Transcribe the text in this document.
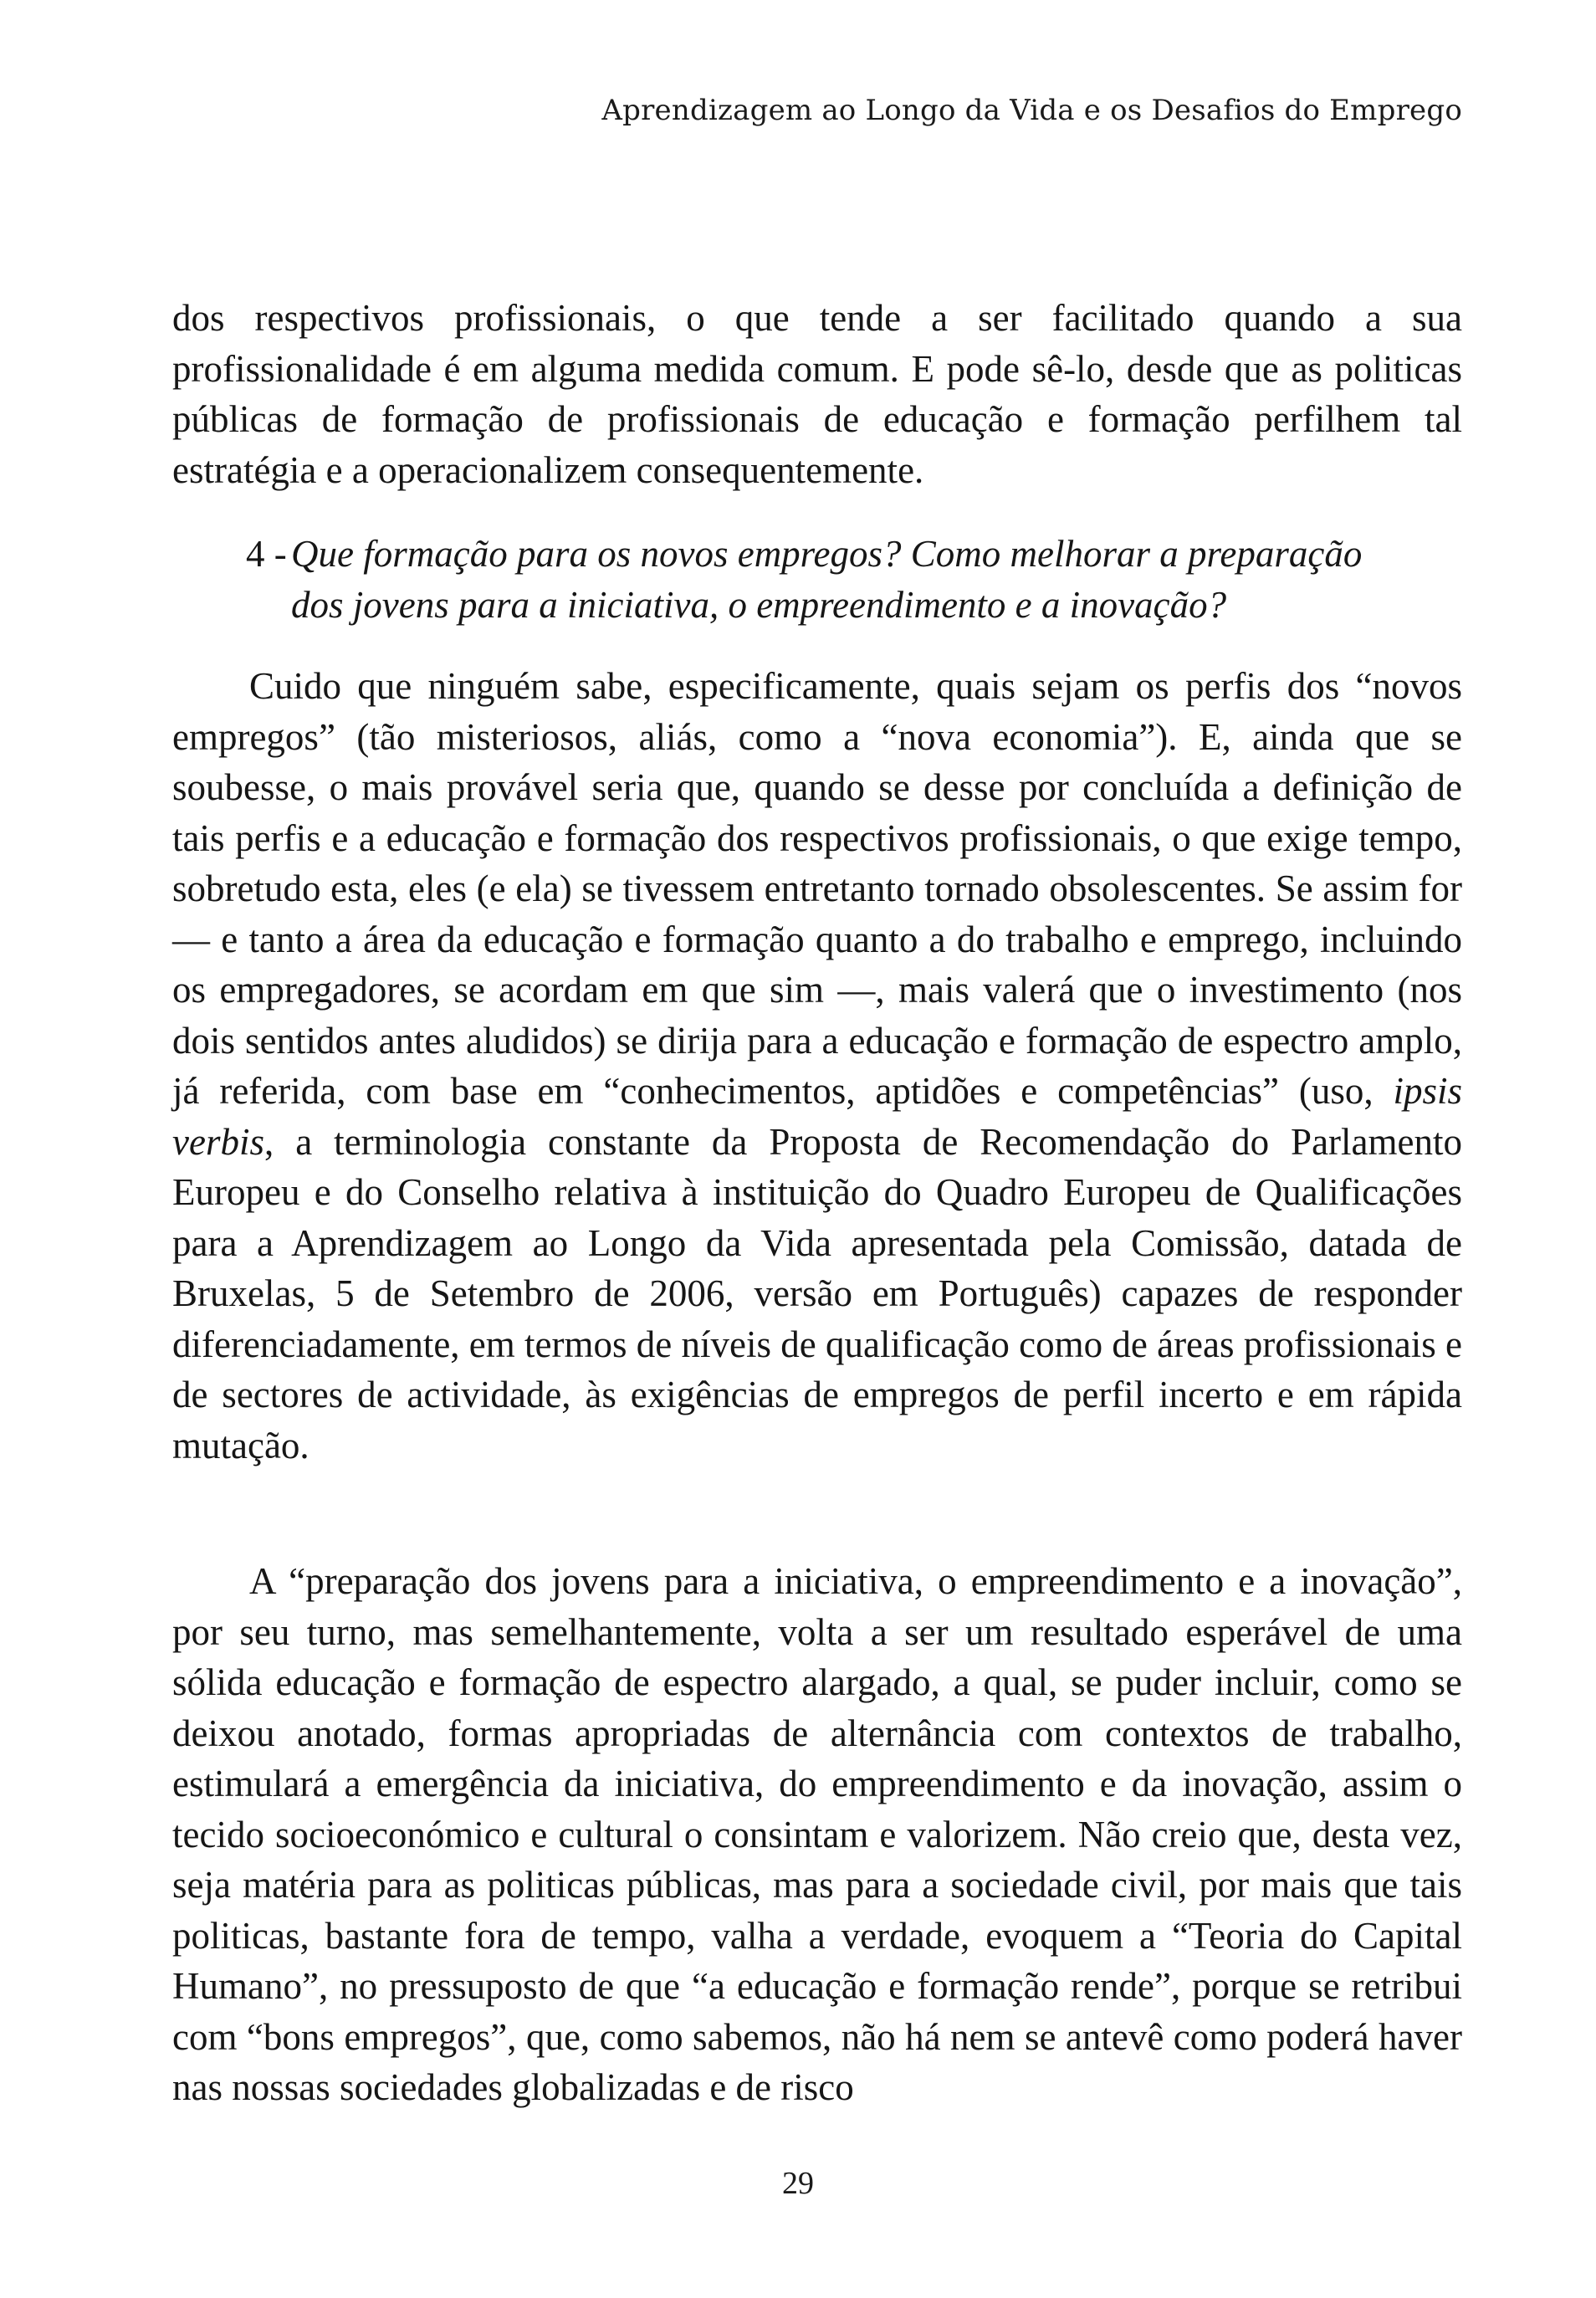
Aprendizagem ao Longo da Vida e os Desafios do Emprego

dos respectivos profissionais, o que tende a ser facilitado quando a sua profissionalidade é em alguma medida comum. E pode sê-lo, desde que as politicas públicas de formação de profissionais de educação e formação perfilhem tal estratégia e a operacionalizem consequentemente.

4 - Que formação para os novos empregos? Como melhorar a preparação
dos jovens para a iniciativa, o empreendimento e a inovação?

Cuido que ninguém sabe, especificamente, quais sejam os perfis dos “novos empregos” (tão misteriosos, aliás, como a “nova economia”). E, ainda que se soubesse, o mais provável seria que, quando se desse por concluída a definição de tais perfis e a educação e formação dos respectivos profissionais, o que exige tempo, sobretudo esta, eles (e ela) se tivessem entretanto tornado obsolescentes. Se assim for — e tanto a área da educação e formação quanto a do trabalho e emprego, incluindo os empregadores, se acordam em que sim —, mais valerá que o investimento (nos dois sentidos antes aludidos) se dirija para a educação e formação de espectro amplo, já referida, com base em “conhecimentos, aptidões e competências” (uso, ipsis verbis, a terminologia constante da Proposta de Recomendação do Parlamento Europeu e do Conselho relativa à instituição do Quadro Europeu de Qualificações para a Aprendizagem ao Longo da Vida apresentada pela Comissão, datada de Bruxelas, 5 de Setembro de 2006, versão em Português) capazes de responder diferenciadamente, em termos de níveis de qualificação como de áreas profissionais e de sectores de actividade, às exigências de empregos de perfil incerto e em rápida mutação.

A “preparação dos jovens para a iniciativa, o empreendimento e a inovação”, por seu turno, mas semelhantemente, volta a ser um resultado esperável de uma sólida educação e formação de espectro alargado, a qual, se puder incluir, como se deixou anotado, formas apropriadas de alternância com contextos de trabalho, estimulará a emergência da iniciativa, do empreendimento e da inovação, assim o tecido socioeconómico e cultural o consintam e valorizem. Não creio que, desta vez, seja matéria para as politicas públicas, mas para a sociedade civil, por mais que tais politicas, bastante fora de tempo, valha a verdade, evoquem a “Teoria do Capital Humano”, no pressuposto de que “a educação e formação rende”, porque se retribui com “bons empregos”, que, como sabemos, não há nem se antevê como poderá haver nas nossas sociedades globalizadas e de risco

29
